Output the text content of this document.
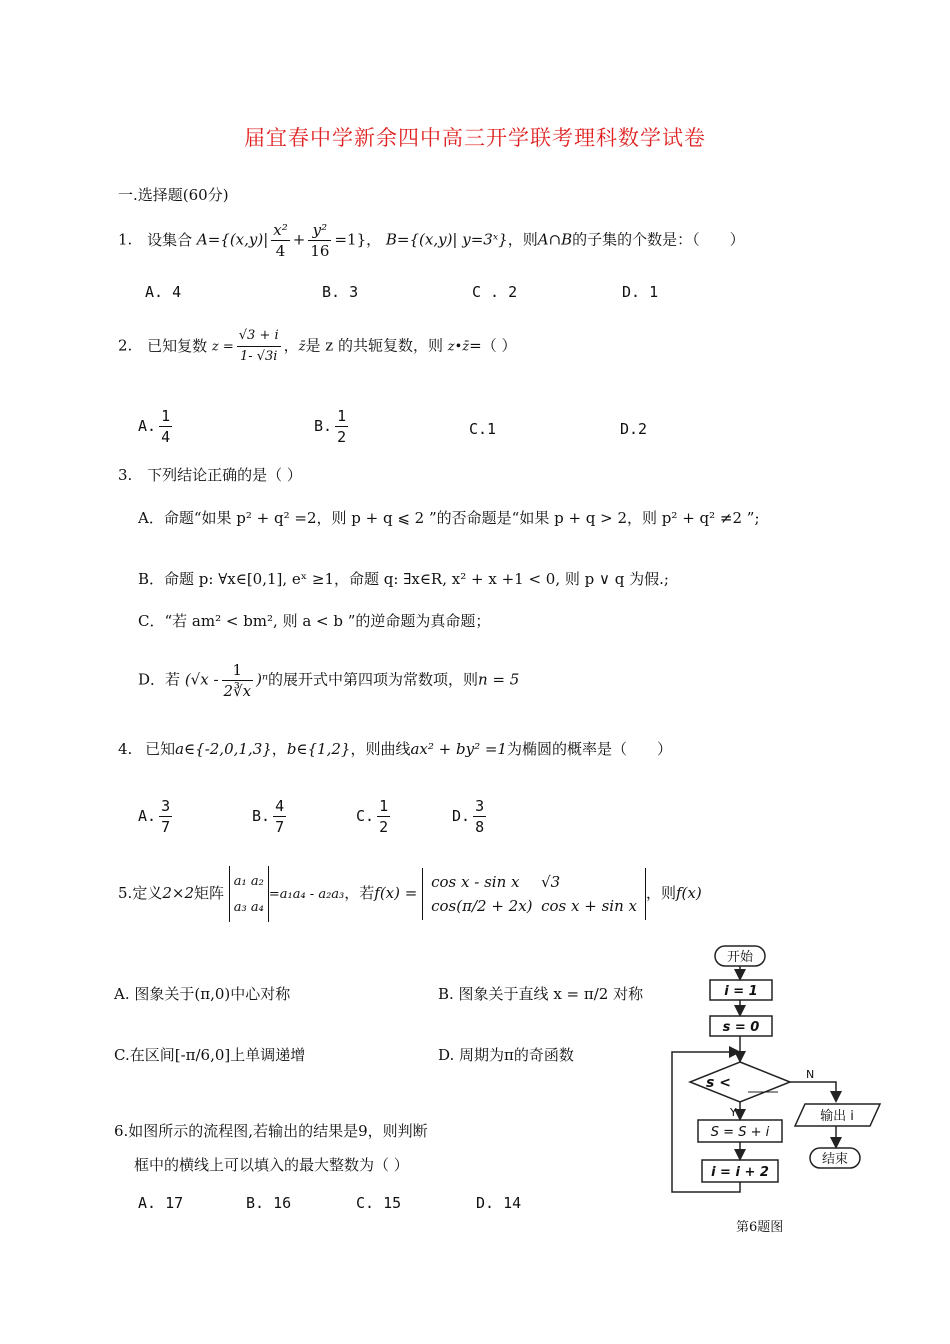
届宜春中学新余四中高三开学联考理科数学试卷
一.选择题(60分)
1. 设集合 $A=\{(x,y)| \frac{\text{x²}}{4} + \frac{\text{y²}}{16} =1\}$， B={(x,y)| y=3ˣ}，则A∩B的子集的个数是：（　　）
A. 4	B. 3	C . 2	D. 1
2. 已知复数 $z = \frac{√3 + i}{1- √3i}$ ，z̄是 z 的共轭复数，则 z•z̄=（ ）
A. $\frac{1}{4}$	B. $\frac{1}{2}$	C.1	D.2
3. 下列结论正确的是（ ）
A．命题“如果 p² + q² =2，则 p + q ⩽ 2 ”的否命题是“如果 p + q > 2，则 p² + q² ≠2 ”;
B．命题 p: ∀x∈[0,1], eˣ ≥1，命题 q: ∃x∈R, x² + x +1 < 0, 则 p ∨ q 为假.;
C．“若 am² < bm², 则 a < b ”的逆命题为真命题；
D．若 $(√x - \frac{1}{2∛x} )^n$的展开式中第四项为常数项，则n = 5
4. 已知a∈{-2,0,1,3}，b∈{1,2}，则曲线ax² + by² =1为椭圆的概率是（　　）
A. $\frac{3}{7}$	B. $\frac{4}{7}$	C. $\frac{1}{2}$	D. $\frac{3}{8}$
5.定义2×2矩阵
a₁ a₂
a₃ a₄
=a₁a₄ - a₂a₃，若f(x) =
cos x - sin x √3
cos(π/2 + 2x) cos x + sin x
，则f(x)
A. 图象关于(π,0)中心对称	B. 图象关于直线 x = π/2 对称
C.在区间[-π/6,0]上单调递增	D. 周期为π的奇函数
6.如图所示的流程图,若输出的结果是9，则判断
框中的横线上可以填入的最大整数为（ ）
A. 17	B. 16	C. 15	D. 14
开始
i = 1
s = 0
s <
Y
N
S = S + i
i = i + 2
输出 i
结束
第6题图
